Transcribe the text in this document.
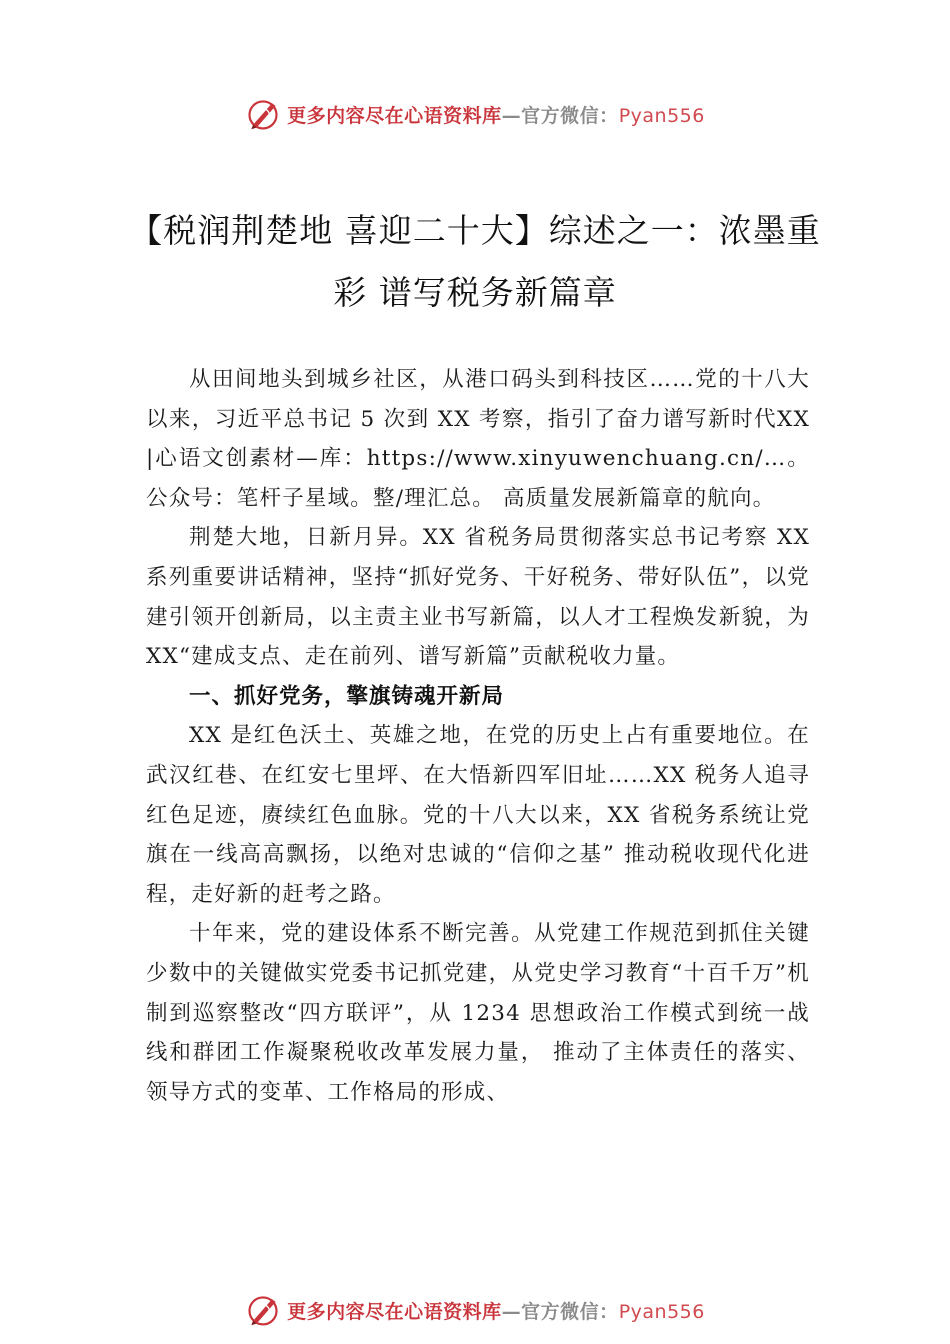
更多内容尽在心语资料库—官方微信：Pyan556
【税润荆楚地 喜迎二十大】综述之一：浓墨重彩 谱写税务新篇章

从田间地头到城乡社区，从港口码头到科技​​​区……党的十八大以来，习近平总书记 5 次到 XX 考察，指引了奋力谱写新时代XX|心语文创素材—库：https://www.xinyuwenchuang.cn/…。公众号：笔杆子星域。整/理汇总。 高质量发展新篇章的航向。

荆楚大地，日新月异。XX 省税务局贯彻落实总书记考察 XX 系列重要讲话精神，坚持“抓好党务、干好税务、带好队伍”，以党建引领开创新局，以主责主业书写新篇，以人才工程焕发新貌，为 XX“建成支点、走在前列、谱写新篇”贡献税收力量。

一、抓好党务，擎旗铸魂开新局

XX 是红色沃土、英雄之地，在党的历史上占有重要地位。在武汉红巷、在红安七里坪、在大悟新四军旧址……XX 税务人追寻红色足迹，赓续红色血脉。党的十八大以来，XX 省税务系统让党旗在一线高高飘扬，以绝对忠诚的“信仰之基” 推动税收现代化进程，走好新的赶考之路。

十年来，党的建设体系不断完善。从党建工作规范到抓住关键少数中的关键做实党委书记抓党建，从党史学习教育“十百千万”机制到巡察整改“四方联评”，从 1234 思想政治工作模式到统一战线和群团工作凝聚税收改革发展力量， 推动了主体责任的落实、领导方式的变革、工作格局的形成、

更多内容尽在心语资料库—官方微信：Pyan556
